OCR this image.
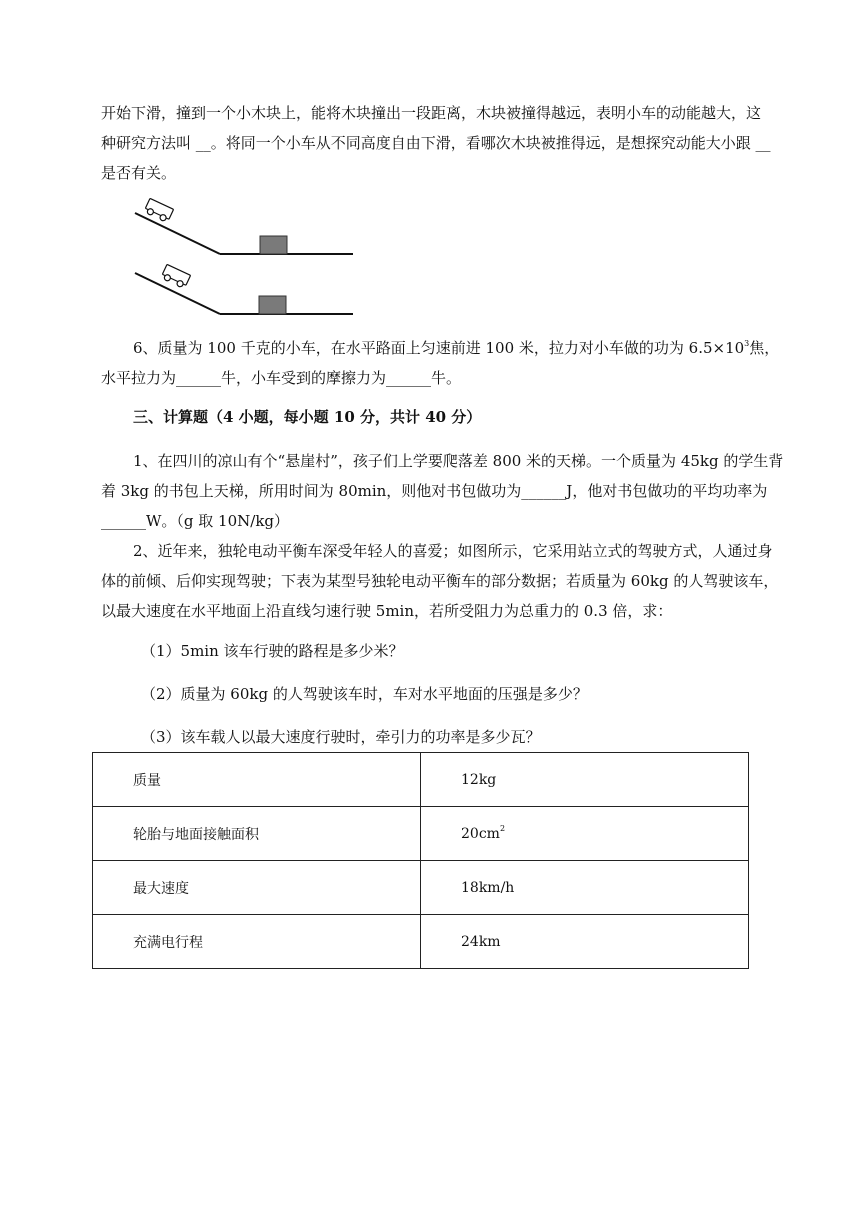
开始下滑，撞到一个小木块上，能将木块撞出一段距离，木块被撞得越远，表明小车的动能越大，这
种研究方法叫 __。将同一个小车从不同高度自由下滑，看哪次木块被推得远，是想探究动能大小跟 __
是否有关。

6、质量为 100 千克的小车，在水平路面上匀速前进 100 米，拉力对小车做的功为 $6.5\times 10^3$焦，
水平拉力为______牛，小车受到的摩擦力为______牛。

三、计算题（4 小题，每小题 10 分，共计 40 分）

1、在四川的凉山有个“悬崖村”，孩子们上学要爬落差 800 米的天梯。一个质量为 45kg 的学生背
着 3kg 的书包上天梯，所用时间为 80min，则他对书包做功为______J，他对书包做功的平均功率为
______W。（g 取 10N/kg）

2、近年来，独轮电动平衡车深受年轻人的喜爱；如图所示，它采用站立式的驾驶方式，人通过身
体的前倾、后仰实现驾驶；下表为某型号独轮电动平衡车的部分数据；若质量为 60kg 的人驾驶该车，
以最大速度在水平地面上沿直线匀速行驶 5min，若所受阻力为总重力的 0.3 倍，求：

（1）5min 该车行驶的路程是多少米？

（2）质量为 60kg 的人驾驶该车时，车对水平地面的压强是多少？

（3）该车载人以最大速度行驶时，牵引力的功率是多少瓦？

质量	12kg
轮胎与地面接触面积	$20cm^2$
最大速度	18km/h
充满电行程	24km
